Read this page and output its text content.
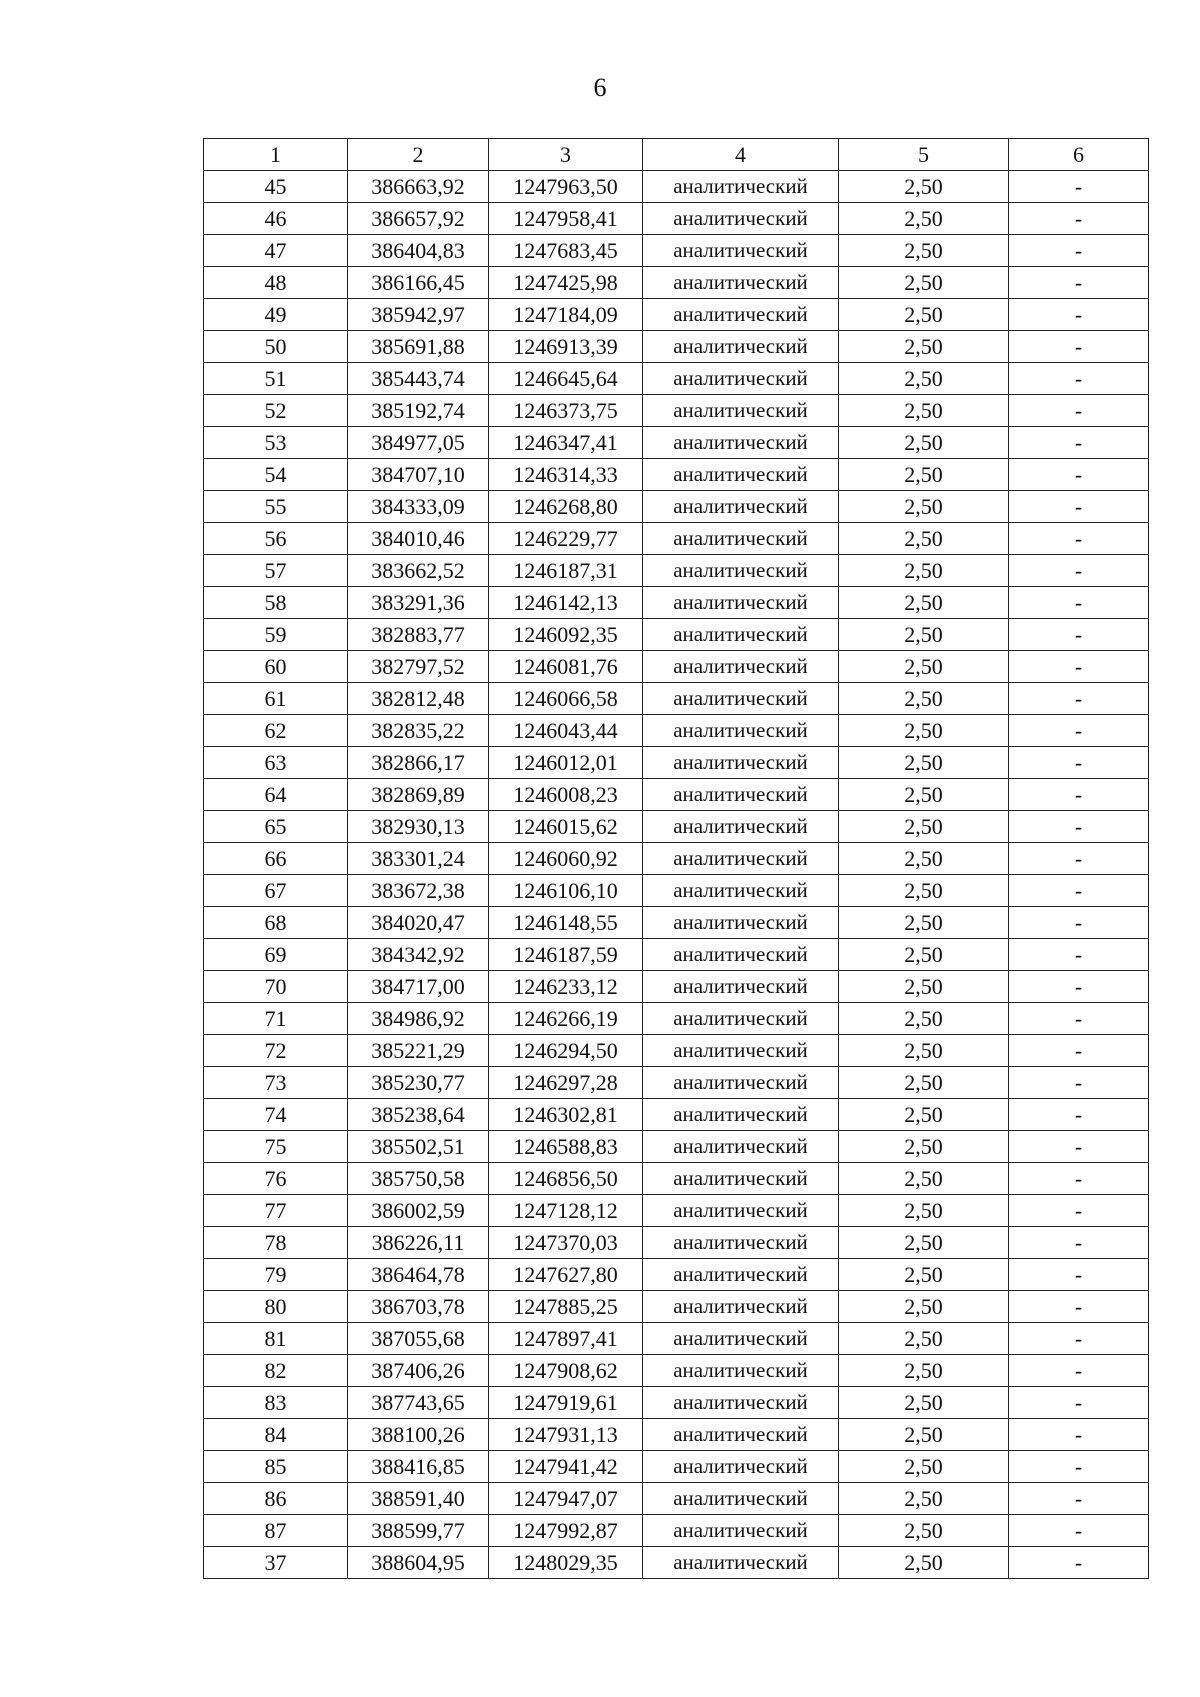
6
1	2	3	4	5	6
45	386663,92	1247963,50	аналитический	2,50	-
46	386657,92	1247958,41	аналитический	2,50	-
47	386404,83	1247683,45	аналитический	2,50	-
48	386166,45	1247425,98	аналитический	2,50	-
49	385942,97	1247184,09	аналитический	2,50	-
50	385691,88	1246913,39	аналитический	2,50	-
51	385443,74	1246645,64	аналитический	2,50	-
52	385192,74	1246373,75	аналитический	2,50	-
53	384977,05	1246347,41	аналитический	2,50	-
54	384707,10	1246314,33	аналитический	2,50	-
55	384333,09	1246268,80	аналитический	2,50	-
56	384010,46	1246229,77	аналитический	2,50	-
57	383662,52	1246187,31	аналитический	2,50	-
58	383291,36	1246142,13	аналитический	2,50	-
59	382883,77	1246092,35	аналитический	2,50	-
60	382797,52	1246081,76	аналитический	2,50	-
61	382812,48	1246066,58	аналитический	2,50	-
62	382835,22	1246043,44	аналитический	2,50	-
63	382866,17	1246012,01	аналитический	2,50	-
64	382869,89	1246008,23	аналитический	2,50	-
65	382930,13	1246015,62	аналитический	2,50	-
66	383301,24	1246060,92	аналитический	2,50	-
67	383672,38	1246106,10	аналитический	2,50	-
68	384020,47	1246148,55	аналитический	2,50	-
69	384342,92	1246187,59	аналитический	2,50	-
70	384717,00	1246233,12	аналитический	2,50	-
71	384986,92	1246266,19	аналитический	2,50	-
72	385221,29	1246294,50	аналитический	2,50	-
73	385230,77	1246297,28	аналитический	2,50	-
74	385238,64	1246302,81	аналитический	2,50	-
75	385502,51	1246588,83	аналитический	2,50	-
76	385750,58	1246856,50	аналитический	2,50	-
77	386002,59	1247128,12	аналитический	2,50	-
78	386226,11	1247370,03	аналитический	2,50	-
79	386464,78	1247627,80	аналитический	2,50	-
80	386703,78	1247885,25	аналитический	2,50	-
81	387055,68	1247897,41	аналитический	2,50	-
82	387406,26	1247908,62	аналитический	2,50	-
83	387743,65	1247919,61	аналитический	2,50	-
84	388100,26	1247931,13	аналитический	2,50	-
85	388416,85	1247941,42	аналитический	2,50	-
86	388591,40	1247947,07	аналитический	2,50	-
87	388599,77	1247992,87	аналитический	2,50	-
37	388604,95	1248029,35	аналитический	2,50	-
